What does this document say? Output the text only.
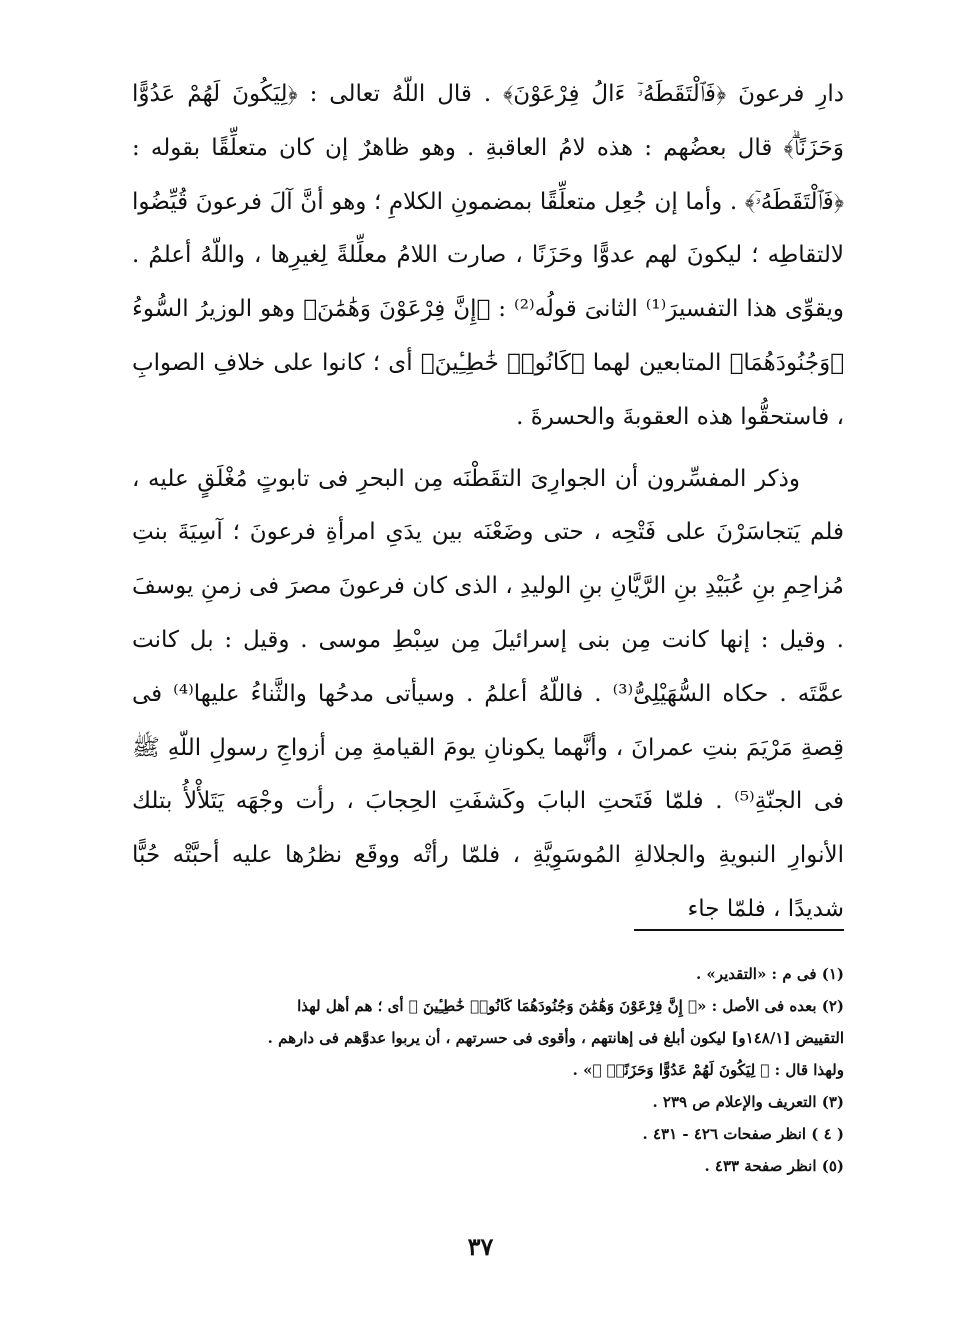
دارِ فرعونَ ﴿فَٱلْتَقَطَهُۥٓ ءَالُ فِرْعَوْنَ﴾ . قال اللّهُ تعالى : ﴿لِيَكُونَ لَهُمْ عَدُوًّا وَحَزَنًاۗ﴾ قال بعضُهم : هذه لامُ العاقبةِ . وهو ظاهرٌ إن كان متعلِّقًا بقوله : ﴿فَٱلْتَقَطَهُۥٓ﴾ . وأما إن جُعِل متعلِّقًا بمضمونِ الكلامِ ؛ وهو أنَّ آلَ فرعونَ قُيِّضُوا لالتقاطِه ؛ ليكونَ لهم عدوًّا وحَزَنًا ، صارت اللامُ معلِّلةً لِغيرِها ، واللّهُ أعلمُ . ويقوِّى هذا التفسيرَ⁽¹⁾ الثانىَ قولُه⁽²⁾ : ﴿إِنَّ فِرْعَوْنَ وَهَٰمَٰنَ﴾ وهو الوزيرُ السُّوءُ ﴿وَجُنُودَهُمَا﴾ المتابعين لهما ﴿كَانُوا۟ خَٰطِـِٔينَ﴾ أى ؛ كانوا على خلافِ الصوابِ ، فاستحقُّوا هذه العقوبةَ والحسرةَ .

وذكر المفسِّرون أن الجوارِىَ التقَطْنَه مِن البحرِ فى تابوتٍ مُغْلَقٍ عليه ، فلم يَتجاسَرْنَ على فَتْحِه ، حتى وضَعْنَه بين يدَىِ امرأةِ فرعونَ ؛ آسِيَةَ بنتِ مُزاحِمِ بنِ عُبَيْدِ بنِ الرَّيَّانِ بنِ الوليدِ ، الذى كان فرعونَ مصرَ فى زمنِ يوسفَ . وقيل : إنها كانت مِن بنى إسرائيلَ مِن سِبْطِ موسى . وقيل : بل كانت عمَّتَه . حكاه السُّهَيْلِىُّ⁽³⁾ . فاللّهُ أعلمُ . وسيأتى مدحُها والثَّناءُ عليها⁽⁴⁾ فى قِصةِ مَرْيَمَ بنتِ عمرانَ ، وأنَّهما يكونانِ يومَ القيامةِ مِن أزواجِ رسولِ اللّهِ ﷺ فى الجنّةِ⁽⁵⁾ . فلمّا فَتَحتِ البابَ وكَشفَتِ الحِجابَ ، رأت وجْهَه يَتَلأْلأُ بتلك الأنوارِ النبويةِ والجلالةِ المُوسَوِيَّةِ ، فلمّا رأتْه ووقَع نظرُها عليه أحبَّتْه حُبًّا شديدًا ، فلمّا جاء

(١) فى م : «التقدير» .
(٢) بعده فى الأصل : «﴿ إِنَّ فِرْعَوْنَ وَهَٰمَٰنَ وَجُنُودَهُمَا كَانُوا۟ خَٰطِـِٔينَ ﴾ أى ؛ هم أهل لهذا
التقييض [١٤٨/١و] ليكون أبلغ فى إهانتهم ، وأقوى فى حسرتهم ، أن يربوا عدوَّهم فى دارهم .
ولهذا قال : ﴿ لِيَكُونَ لَهُمْ عَدُوًّا وَحَزَنًاۗ ﴾» .
(٣) التعريف والإعلام ص ٢٣٩ .
( ٤ ) انظر صفحات ٤٢٦ - ٤٣١ .
(٥) انظر صفحة ٤٣٣ .
٣٧
